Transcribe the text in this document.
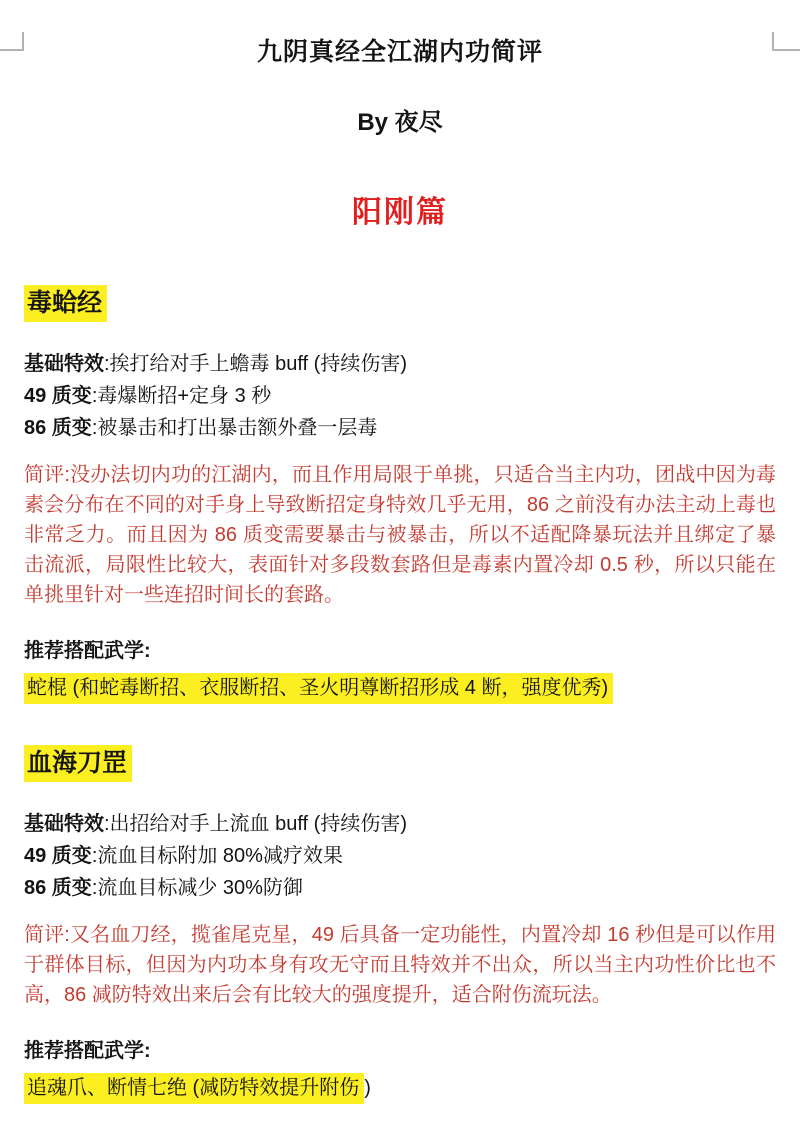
九阴真经全江湖内功简评

By 夜尽

阳刚篇
毒蛤经

基础特效:挨打给对手上蟾毒 buff (持续伤害)

49 质变:毒爆断招+定身 3 秒

86 质变:被暴击和打出暴击额外叠一层毒

简评:没办法切内功的江湖内，而且作用局限于单挑，只适合当主内功，团战中因为毒素会分布在不同的对手身上导致断招定身特效几乎无用，86 之前没有办法主动上毒也非常乏力。而且因为 86 质变需要暴击与被暴击，所以不适配降暴玩法并且绑定了暴击流派，局限性比较大，表面针对多段数套路但是毒素内置冷却 0.5 秒，所以只能在单挑里针对一些连招时间长的套路。

推荐搭配武学:

蛇棍 (和蛇毒断招、衣服断招、圣火明尊断招形成 4 断，强度优秀)

血海刀罡

基础特效:出招给对手上流血 buff (持续伤害)

49 质变:流血目标附加 80%减疗效果

86 质变:流血目标减少 30%防御

简评:又名血刀经，揽雀尾克星，49 后具备一定功能性，内置冷却 16 秒但是可以作用于群体目标，但因为内功本身有攻无守而且特效并不出众，所以当主内功性价比也不高，86 减防特效出来后会有比较大的强度提升，适合附伤流玩法。

推荐搭配武学:

追魂爪、断情七绝 (减防特效提升附伤 )
